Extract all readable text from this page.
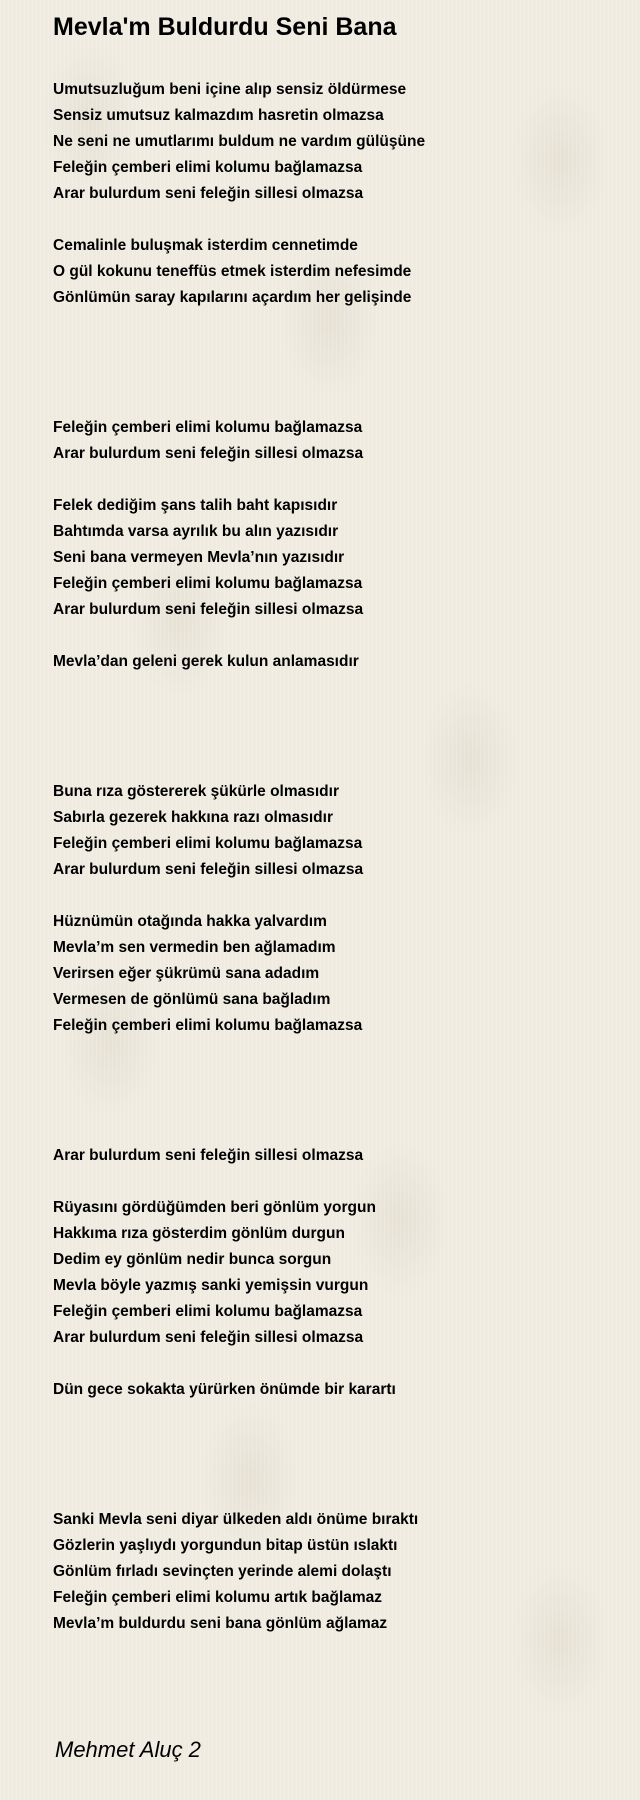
Mevla'm Buldurdu Seni Bana
Umutsuzluğum beni içine alıp sensiz öldürmese
Sensiz umutsuz kalmazdım hasretin olmazsa
Ne seni ne umutlarımı buldum ne vardım gülüşüne
Feleğin çemberi elimi kolumu bağlamazsa
Arar bulurdum seni feleğin sillesi olmazsa
Cemalinle buluşmak isterdim cennetimde
O gül kokunu teneffüs etmek isterdim nefesimde
Gönlümün saray kapılarını açardım her gelişinde
Feleğin çemberi elimi kolumu bağlamazsa
Arar bulurdum seni feleğin sillesi olmazsa
Felek dediğim şans talih baht kapısıdır
Bahtımda varsa ayrılık bu alın yazısıdır
Seni bana vermeyen Mevla’nın yazısıdır
Feleğin çemberi elimi kolumu bağlamazsa
Arar bulurdum seni feleğin sillesi olmazsa
Mevla’dan geleni gerek kulun anlamasıdır
Buna rıza göstererek şükürle olmasıdır
Sabırla gezerek hakkına razı olmasıdır
Feleğin çemberi elimi kolumu bağlamazsa
Arar bulurdum seni feleğin sillesi olmazsa
Hüznümün otağında hakka yalvardım
Mevla’m sen vermedin ben ağlamadım
Verirsen eğer şükrümü sana adadım
Vermesen de gönlümü sana bağladım
Feleğin çemberi elimi kolumu bağlamazsa
Arar bulurdum seni feleğin sillesi olmazsa
Rüyasını gördüğümden beri gönlüm yorgun
Hakkıma rıza gösterdim gönlüm durgun
Dedim ey gönlüm nedir bunca sorgun
Mevla böyle yazmış sanki yemişsin vurgun
Feleğin çemberi elimi kolumu bağlamazsa
Arar bulurdum seni feleğin sillesi olmazsa
Dün gece sokakta yürürken önümde bir karartı
Sanki Mevla seni diyar ülkeden aldı önüme bıraktı
Gözlerin yaşlıydı yorgundun bitap üstün ıslaktı
Gönlüm fırladı sevinçten yerinde alemi dolaştı
Feleğin çemberi elimi kolumu artık bağlamaz
Mevla’m buldurdu seni bana gönlüm ağlamaz
Mehmet Aluç 2
